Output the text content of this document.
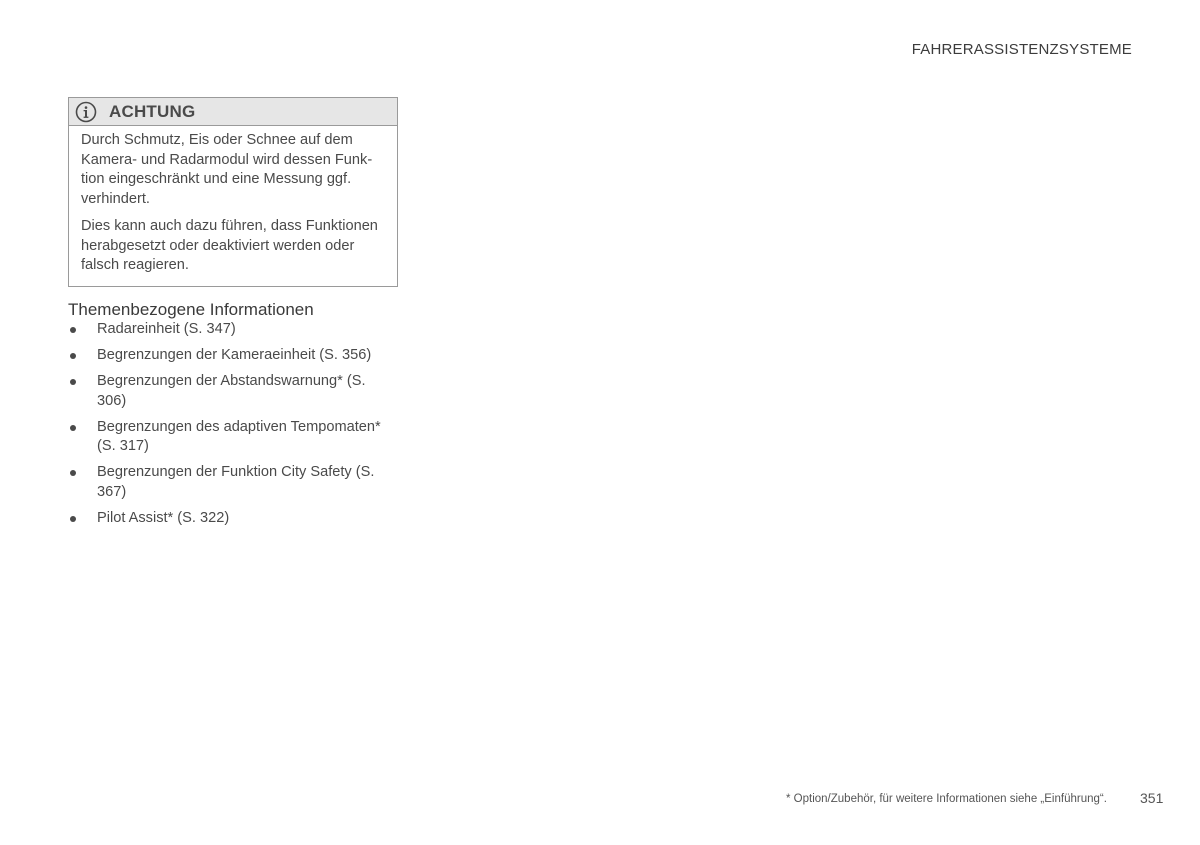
FAHRERASSISTENZSYSTEME
ACHTUNG

Durch Schmutz, Eis oder Schnee auf dem Kamera- und Radarmodul wird dessen Funk-tion eingeschränkt und eine Messung ggf. verhindert.

Dies kann auch dazu führen, dass Funktionen herabgesetzt oder deaktiviert werden oder falsch reagieren.

Themenbezogene Informationen
Radareinheit (S. 347)
Begrenzungen der Kameraeinheit (S. 356)
Begrenzungen der Abstandswarnung* (S. 306)
Begrenzungen des adaptiven Tempomaten* (S. 317)
Begrenzungen der Funktion City Safety (S. 367)
Pilot Assist* (S. 322)
* Option/Zubehör, für weitere Informationen siehe „Einführung“. 351
